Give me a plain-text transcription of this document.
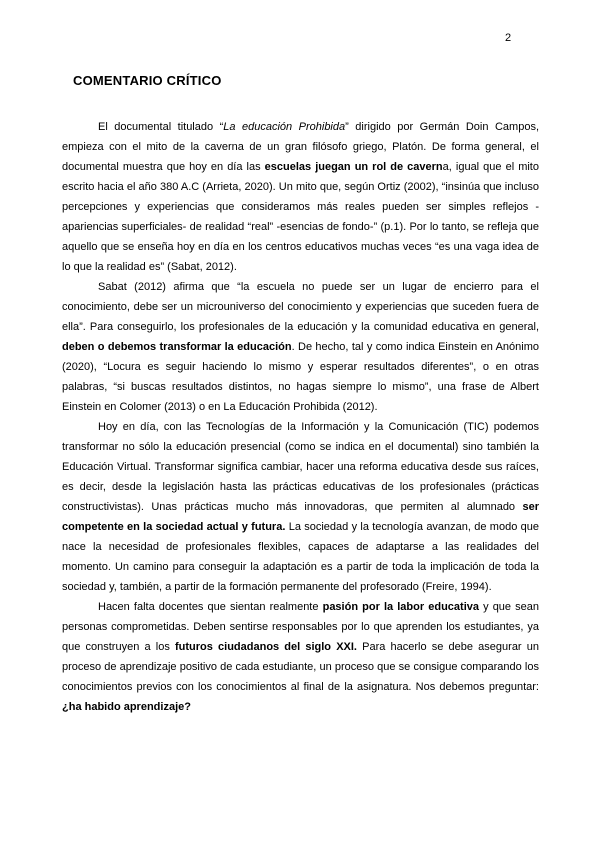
2
COMENTARIO CRÍTICO

El documental titulado “La educación Prohibida” dirigido por Germán Doin Campos, empieza con el mito de la caverna de un gran filósofo griego, Platón. De forma general, el documental muestra que hoy en día las escuelas juegan un rol de caverna, igual que el mito escrito hacia el año 380 A.C (Arrieta, 2020). Un mito que, según Ortiz (2002), “insinúa que incluso percepciones y experiencias que consideramos más reales pueden ser simples reflejos -apariencias superficiales- de realidad “real” -esencias de fondo-” (p.1). Por lo tanto, se refleja que aquello que se enseña hoy en día en los centros educativos muchas veces “es una vaga idea de lo que la realidad es” (Sabat, 2012).

Sabat (2012) afirma que “la escuela no puede ser un lugar de encierro para el conocimiento, debe ser un microuniverso del conocimiento y experiencias que suceden fuera de ella”. Para conseguirlo, los profesionales de la educación y la comunidad educativa en general, deben o debemos transformar la educación. De hecho, tal y como indica Einstein en Anónimo (2020), “Locura es seguir haciendo lo mismo y esperar resultados diferentes”, o en otras palabras, “si buscas resultados distintos, no hagas siempre lo mismo”, una frase de Albert Einstein en Colomer (2013) o en La Educación Prohibida (2012).

Hoy en día, con las Tecnologías de la Información y la Comunicación (TIC) podemos transformar no sólo la educación presencial (como se indica en el documental) sino también la Educación Virtual. Transformar significa cambiar, hacer una reforma educativa desde sus raíces, es decir, desde la legislación hasta las prácticas educativas de los profesionales (prácticas constructivistas). Unas prácticas mucho más innovadoras, que permiten al alumnado ser competente en la sociedad actual y futura. La sociedad y la tecnología avanzan, de modo que nace la necesidad de profesionales flexibles, capaces de adaptarse a las realidades del momento. Un camino para conseguir la adaptación es a partir de toda la implicación de toda la sociedad y, también, a partir de la formación permanente del profesorado (Freire, 1994).

Hacen falta docentes que sientan realmente pasión por la labor educativa y que sean personas comprometidas. Deben sentirse responsables por lo que aprenden los estudiantes, ya que construyen a los futuros ciudadanos del siglo XXI. Para hacerlo se debe asegurar un proceso de aprendizaje positivo de cada estudiante, un proceso que se consigue comparando los conocimientos previos con los conocimientos al final de la asignatura. Nos debemos preguntar: ¿ha habido aprendizaje?
